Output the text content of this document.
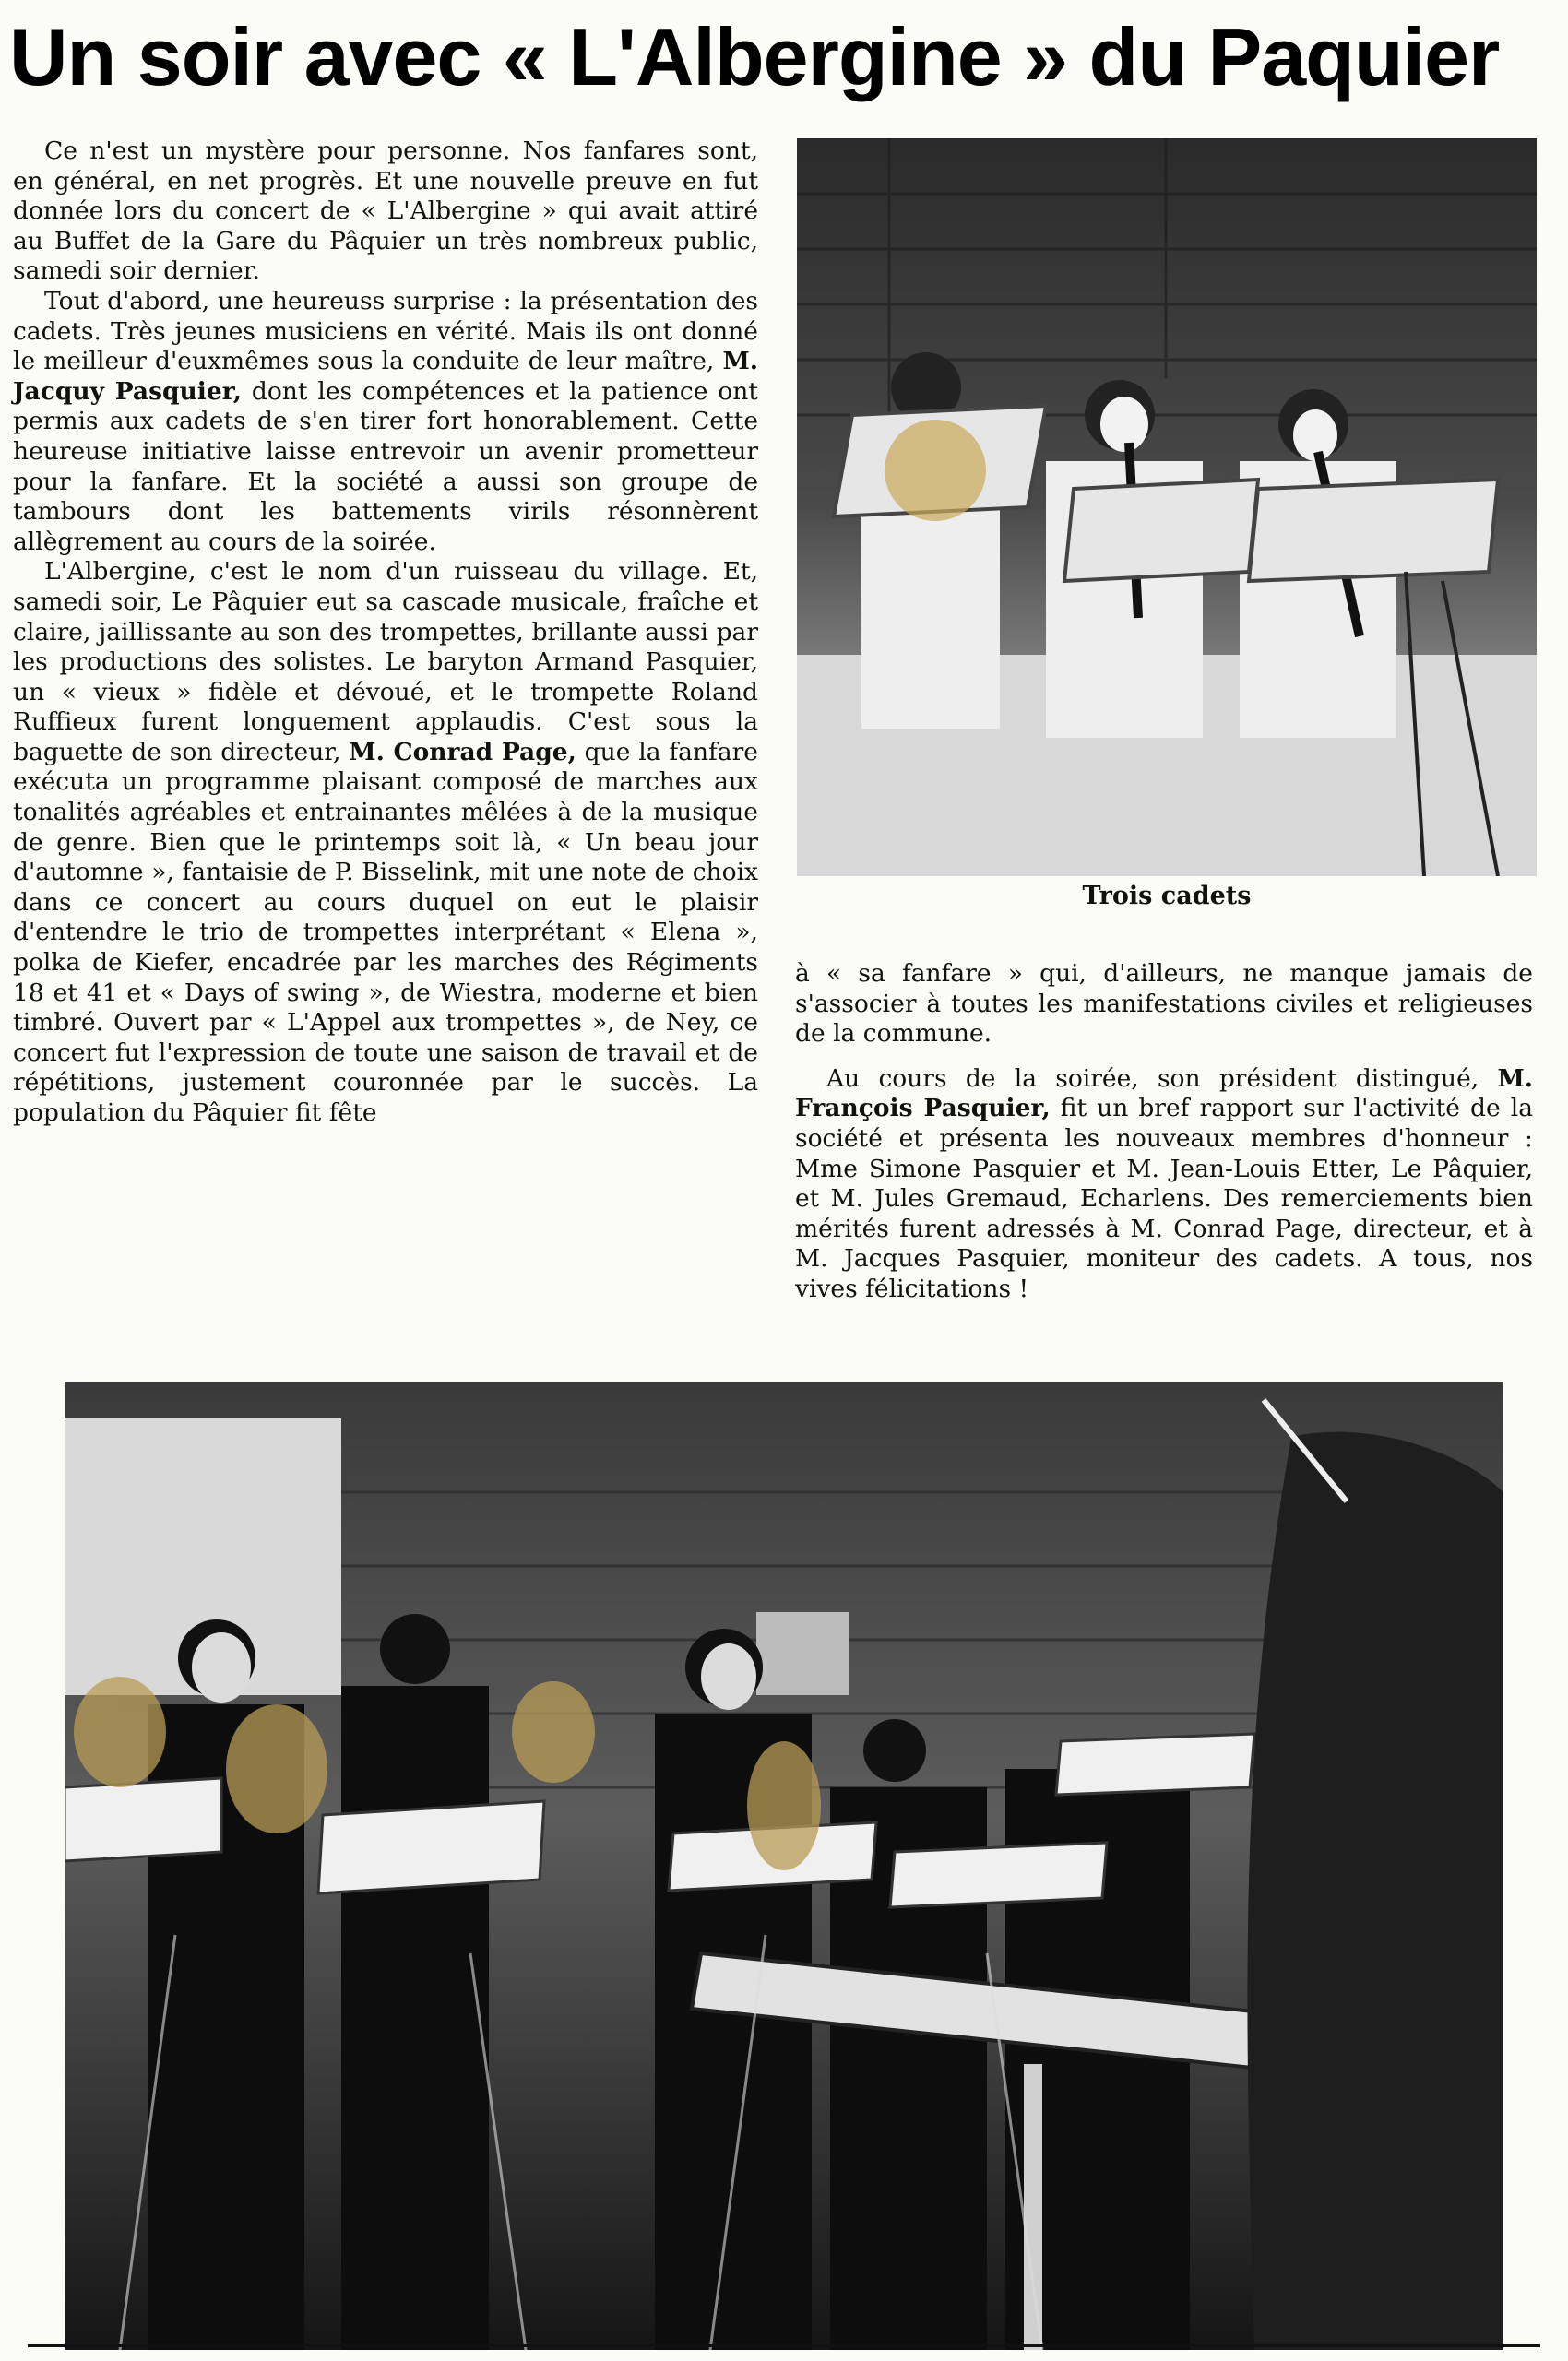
Un soir avec « L'Albergine » du Paquier

Ce n'est un mystère pour personne. Nos fanfares sont, en général, en net progrès. Et une nouvelle preuve en fut donnée lors du concert de « L'Albergine » qui avait attiré au Buffet de la Gare du Pâquier un très nombreux public, samedi soir dernier.

Tout d'abord, une heureuss surprise : la présentation des cadets. Très jeunes musiciens en vérité. Mais ils ont donné le meilleur d'euxmêmes sous la conduite de leur maître, M. Jacquy Pasquier, dont les compétences et la patience ont permis aux cadets de s'en tirer fort honorablement. Cette heureuse initiative laisse entrevoir un avenir prometteur pour la fanfare. Et la société a aussi son groupe de tambours dont les battements virils résonnèrent allègrement au cours de la soirée.

L'Albergine, c'est le nom d'un ruisseau du village. Et, samedi soir, Le Pâquier eut sa cascade musicale, fraîche et claire, jaillissante au son des trompettes, brillante aussi par les productions des solistes. Le baryton Armand Pasquier, un « vieux » fidèle et dévoué, et le trompette Roland Ruffieux furent longuement applaudis. C'est sous la baguette de son directeur, M. Conrad Page, que la fanfare exécuta un programme plaisant composé de marches aux tonalités agréables et entrainantes mêlées à de la musique de genre. Bien que le printemps soit là, « Un beau jour d'automne », fantaisie de P. Bisselink, mit une note de choix dans ce concert au cours duquel on eut le plaisir d'entendre le trio de trompettes interprétant « Elena », polka de Kiefer, encadrée par les marches des Régiments 18 et 41 et « Days of swing », de Wiestra, moderne et bien timbré. Ouvert par « L'Appel aux trompettes », de Ney, ce concert fut l'expression de toute une saison de travail et de répétitions, justement couronnée par le succès. La population du Pâquier fit fête

Trois cadets

à « sa fanfare » qui, d'ailleurs, ne manque jamais de s'associer à toutes les manifestations civiles et religieuses de la commune.

Au cours de la soirée, son président distingué, M. François Pasquier, fit un bref rapport sur l'activité de la société et présenta les nouveaux membres d'honneur : Mme Simone Pasquier et M. Jean-Louis Etter, Le Pâquier, et M. Jules Gremaud, Echarlens. Des remerciements bien mérités furent adressés à M. Conrad Page, directeur, et à M. Jacques Pasquier, moniteur des cadets. A tous, nos vives félicitations !
